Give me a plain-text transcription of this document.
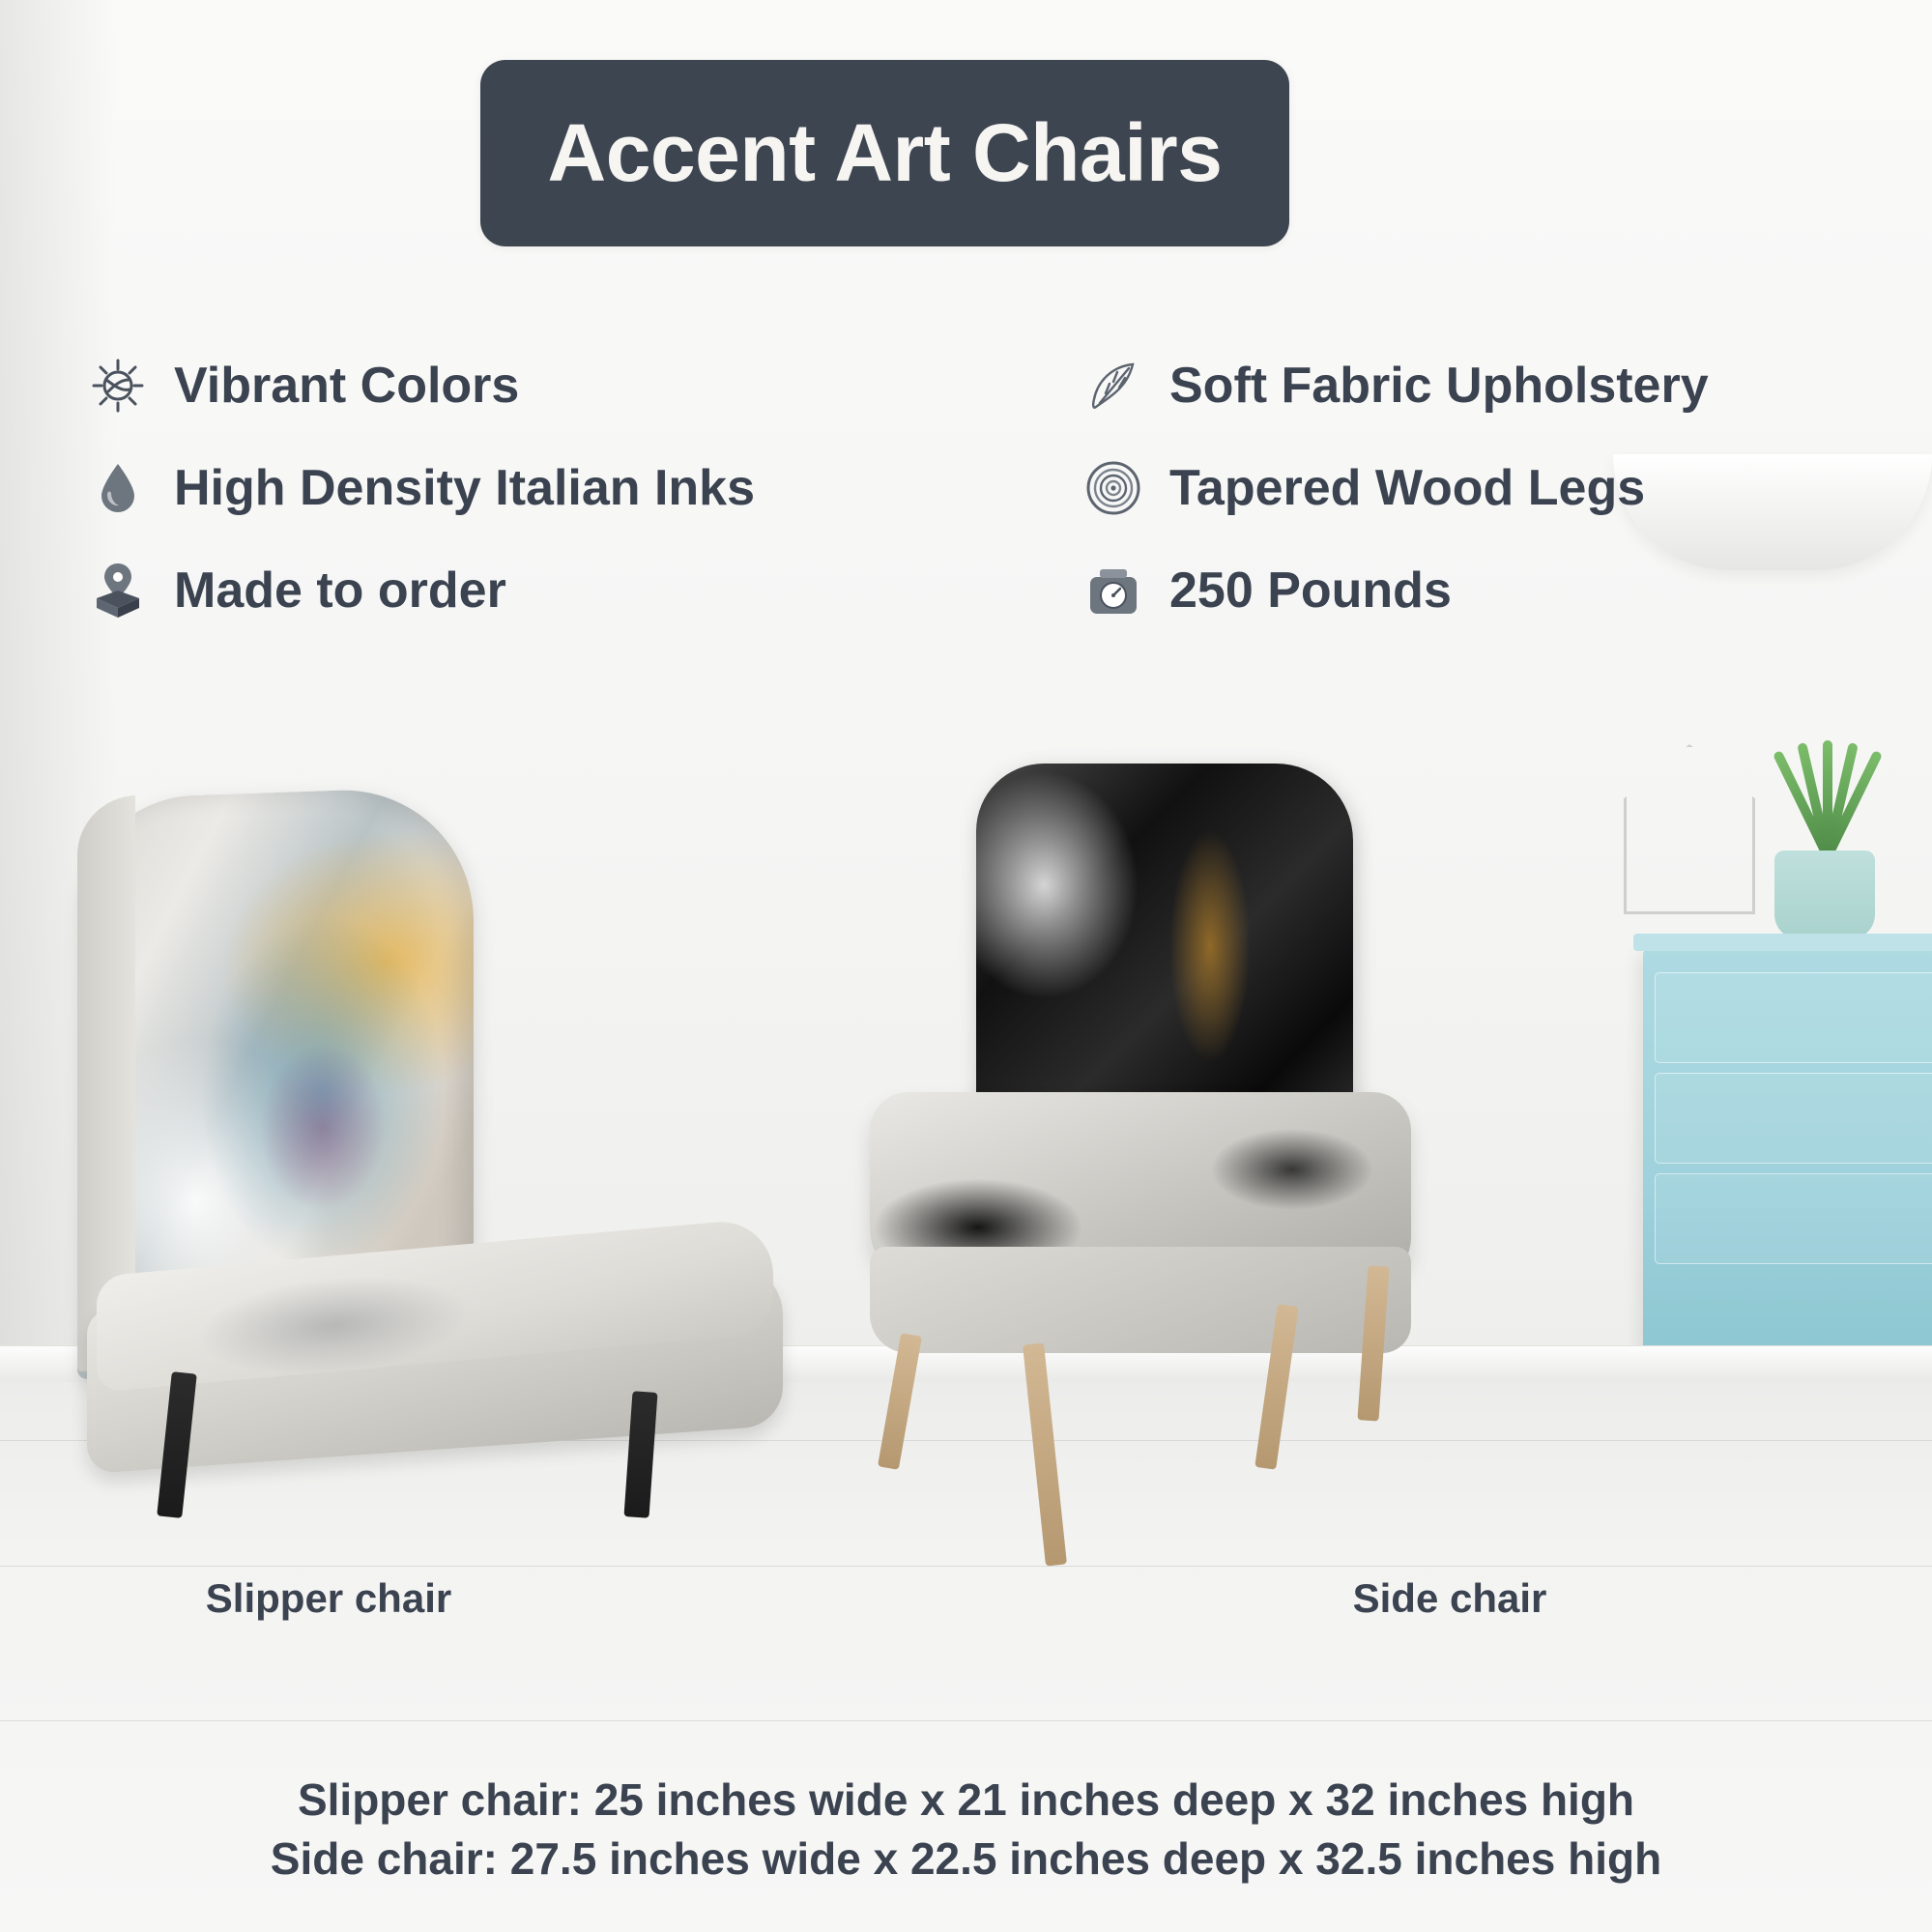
Accent Art Chairs
Vibrant Colors
High Density Italian Inks
Made to order
Soft Fabric Upholstery
Tapered Wood Legs
250 Pounds
Slipper chair	Side chair
Slipper chair: 25 inches wide x 21 inches deep x 32 inches high
Side chair: 27.5 inches wide x 22.5 inches deep x 32.5 inches high
